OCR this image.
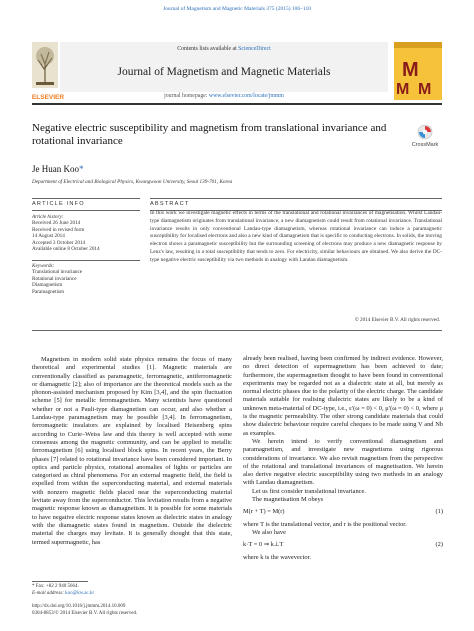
Journal of Magnetism and Magnetic Materials 375 (2015) 106–110
ELSEVIER
Contents lists available at ScienceDirect
Journal of Magnetism and Magnetic Materials
journal homepage: www.elsevier.com/locate/jmmm
M
M M
Negative electric susceptibility and magnetism from translational invariance and rotational invariance	CrossMark
Je Huan Koo*
Department of Electrical and Biological Physics, Kwangwoon University, Seoul 139-701, Korea
ARTICLE INFO
Article history:
Received 26 June 2014
Received in revised form
14 August 2014
Accepted 3 October 2014
Available online 8 October 2014
Keywords:
Translational invariance
Rotational invariance
Diamagnetism
Paramagnetism
ABSTRACT
In this work we investigate magnetic effects in terms of the translational and rotational invariances of magnetisation. Whilst Landau-type diamagnetism originates from translational invariance, a new diamagnetism could result from rotational invariance. Translational invariance results in only conventional Landau-type diamagnetism, whereas rotational invariance can induce a paramagnetic susceptibility for localised electrons and also a new kind of diamagnetism that is specific to conducting electrons. In solids, the moving electron shows a paramagnetic susceptibility but the surrounding screening of electrons may produce a new diamagnetic response by Lenz's law, resulting in a total susceptibility that tends to zero. For electricity, similar behaviours are obtained. We also derive the DC-type negative electric susceptibility via two methods in analogy with Landau diamagnetism.
© 2014 Elsevier B.V. All rights reserved.

Magnetism in modern solid state physics remains the focus of many theoretical and experimental studies [1]. Magnetic materials are conventionally classified as paramagnetic, ferromagnetic, antiferromagnetic or diamagnetic [2]; also of importance are the theoretical models such as the phonon-assisted mechanism proposed by Kim [3,4], and the spin fluctuation scheme [5] for metallic ferromagnetism. Many scientists have questioned whether or not a Pauli-type diamagnetism can occur, and also whether a Landau-type paramagnetism may be possible [3,4]. In ferromagnetism, ferromagnetic insulators are explained by localised Heisenberg spins according to Curie–Weiss law and this theory is well accepted with some consensus among the magnetic community, and can be applied to metallic ferromagnetism [6] using localised block spins. In recent years, the Berry phases [7] related to rotational invariance have been considered important. In optics and particle physics, rotational anomalies of lights or particles are categorised as chiral phenomena. For an external magnetic field, the field is expelled from within the superconducting material, and external materials with nonzero magnetic fields placed near the superconducting material levitate away from the superconductor. This levitation results from a negative magnetic response known as diamagnetism. It is possible for some materials to have negative electric response states known as dielectric states in analogy with the diamagnetic states found in magnetism. Outside the dielectric material the charges may levitate. It is generally thought that this state, termed supermagnetic, has

already been realised, having been confirmed by indirect evidence. However, no direct detection of supermagnetism has been achieved to date; furthermore, the supermagnetism thought to have been found in conventional experiments may be regarded not as a dialectric state at all, but merely as normal electric phases due to the polarity of the electric charge. The candidate materials suitable for realising dialectric states are likely to be a kind of unknown meta-material of DC-type, i.e., ε′(ω = 0) < 0, μ′(ω = 0) < 0, where μ is the magnetic permeability. The other strong candidate materials that could show dialectric behaviour require careful cheques to be made using V and Nb as examples.

We herein intend to verify conventional diamagnetism and paramagnetism, and investigate new magnetisms using rigorous considerations of invariance. We also revisit magnetism from the perspective of the rotational and translational invariances of magnetisation. We herein also derive negative electric susceptibility using two methods in an analogy with Landau diamagnetism.

Let us first consider translational invariance.

The magnetisation M obeys

M(r + T) = M(r)	(1)

where T is the translational vector, and r is the positional vector.

We also have

k·T = 0 ⇒ k⊥T	(2)

where k is the wavevector.

* Fax: +82 2 940 5664.
E-mail address: koo@kw.ac.kr
http://dx.doi.org/10.1016/j.jmmm.2014.10.009
0304-8853/© 2014 Elsevier B.V. All rights reserved.
